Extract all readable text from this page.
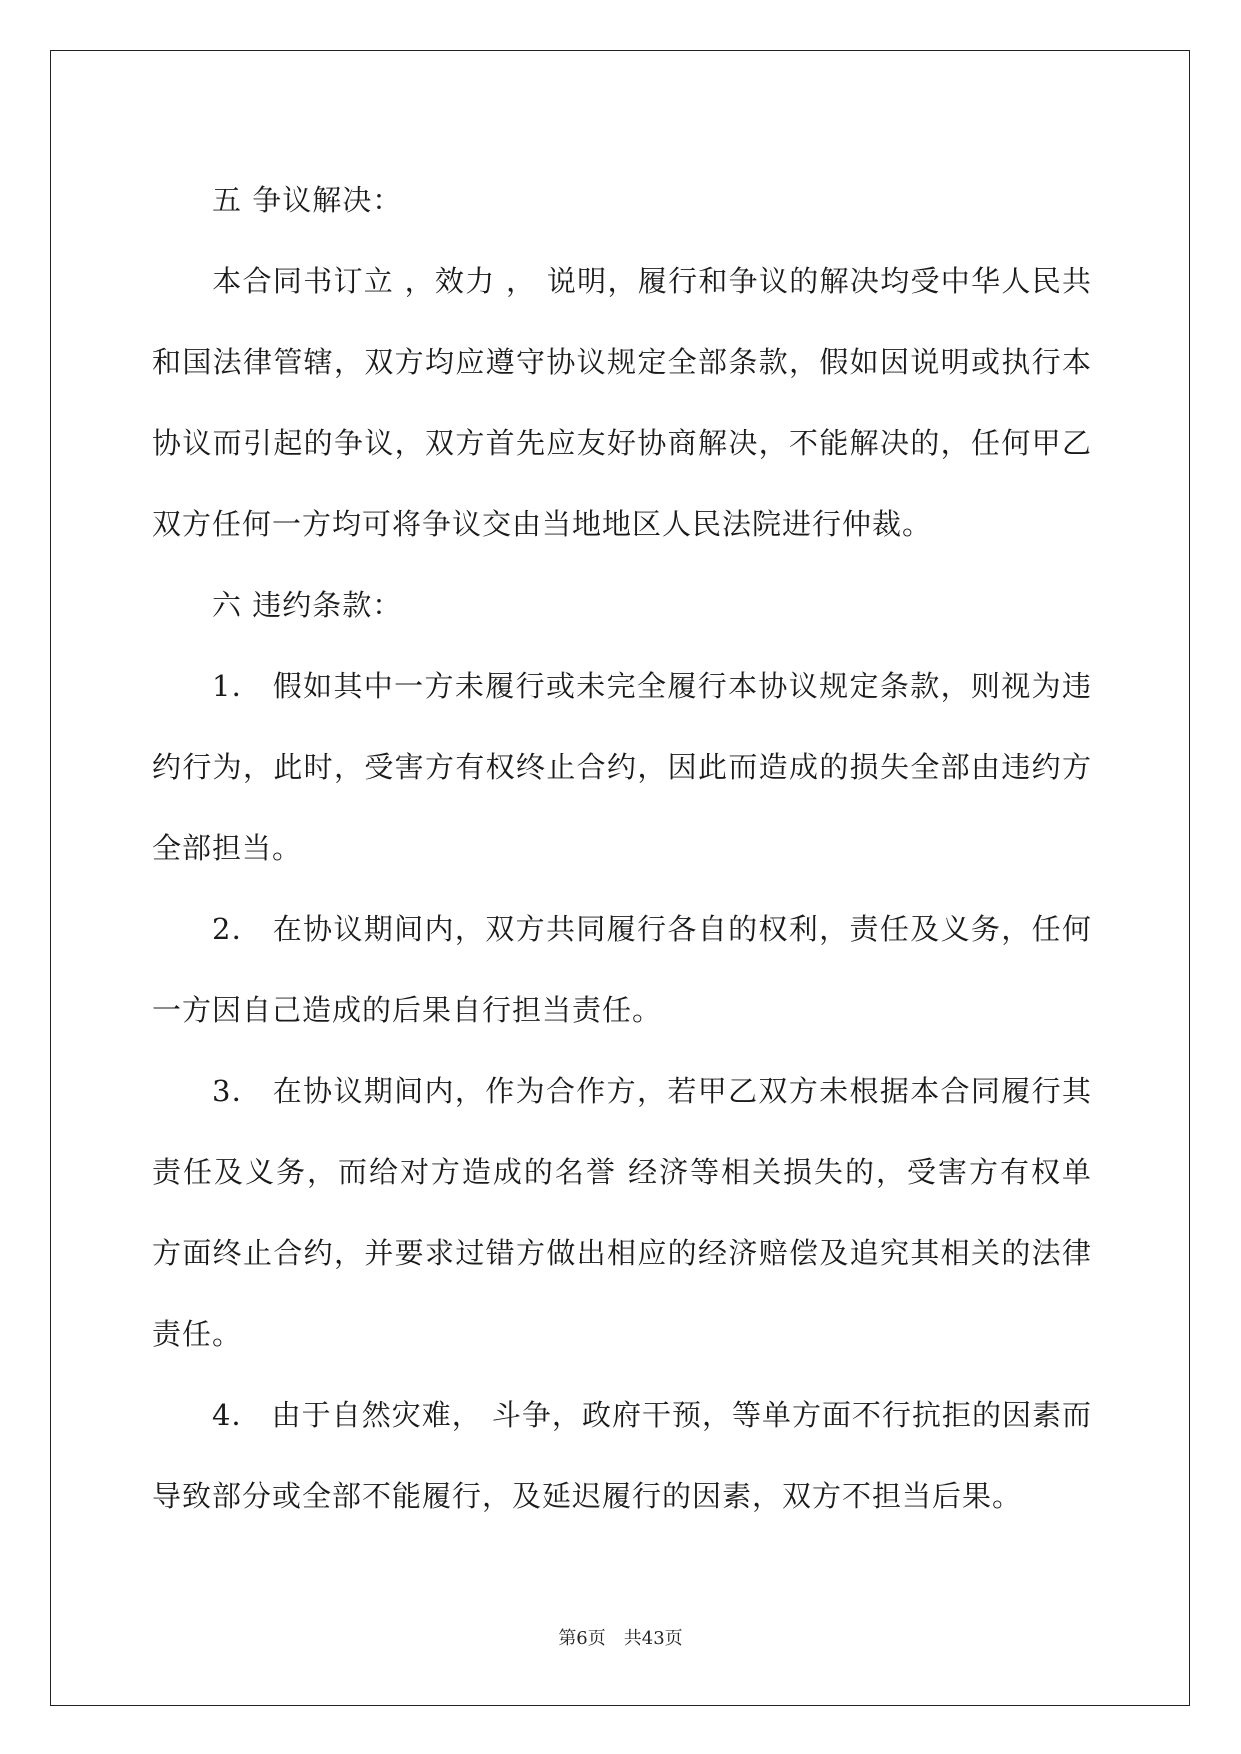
五 争议解决：

本合同书订立 ，效力 ， 说明，履行和争议的解决均受中华人民共和国法律管辖，双方均应遵守协议规定全部条款，假如因说明或执行本协议而引起的争议，双方首先应友好协商解决，不能解决的，任何甲乙双方任何一方均可将争议交由当地地区人民法院进行仲裁。

六 违约条款：

1． 假如其中一方未履行或未完全履行本协议规定条款，则视为违约行为，此时，受害方有权终止合约，因此而造成的损失全部由违约方全部担当。

2． 在协议期间内，双方共同履行各自的权利，责任及义务，任何一方因自己造成的后果自行担当责任。

3． 在协议期间内，作为合作方，若甲乙双方未根据本合同履行其责任及义务，而给对方造成的名誉 经济等相关损失的，受害方有权单方面终止合约，并要求过错方做出相应的经济赔偿及追究其相关的法律责任。

4． 由于自然灾难， 斗争，政府干预，等单方面不行抗拒的因素而导致部分或全部不能履行，及延迟履行的因素，双方不担当后果。

第6页　共43页
